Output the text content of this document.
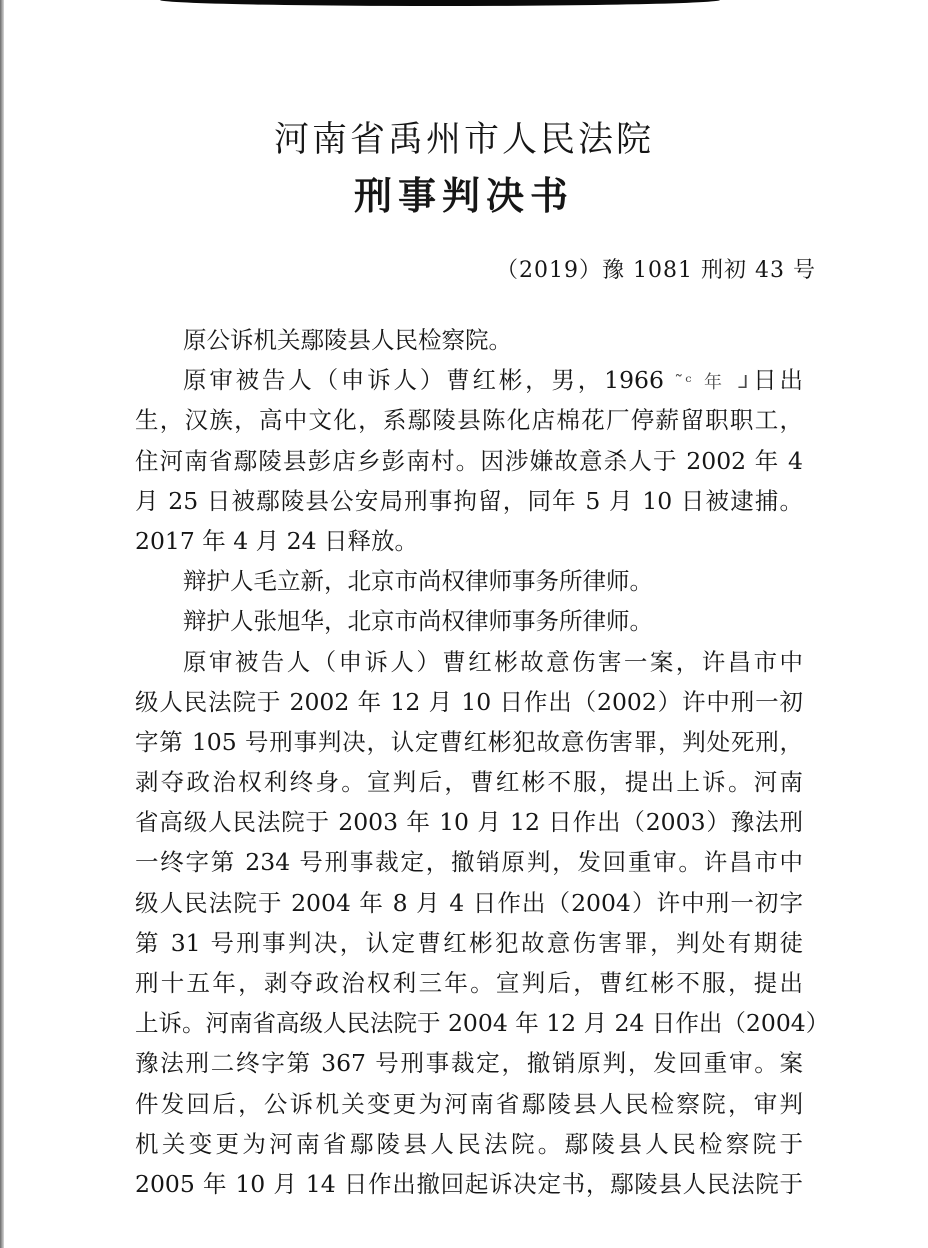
河南省禹州市人民法院
刑事判决书
（2019）豫 1081 刑初 43 号
原公诉机关鄢陵县人民检察院。
原审被告人（申诉人）曹红彬，男，1966 ˜ᶜ 年 ᒧ日出
生，汉族，高中文化，系鄢陵县陈化店棉花厂停薪留职职工，
住河南省鄢陵县彭店乡彭南村。因涉嫌故意杀人于 2002 年 4
月 25 日被鄢陵县公安局刑事拘留，同年 5 月 10 日被逮捕。
2017 年 4 月 24 日释放。
辩护人毛立新，北京市尚权律师事务所律师。
辩护人张旭华，北京市尚权律师事务所律师。
原审被告人（申诉人）曹红彬故意伤害一案，许昌市中
级人民法院于 2002 年 12 月 10 日作出（2002）许中刑一初
字第 105 号刑事判决，认定曹红彬犯故意伤害罪，判处死刑，
剥夺政治权利终身。宣判后，曹红彬不服，提出上诉。河南
省高级人民法院于 2003 年 10 月 12 日作出（2003）豫法刑
一终字第 234 号刑事裁定，撤销原判，发回重审。许昌市中
级人民法院于 2004 年 8 月 4 日作出（2004）许中刑一初字
第 31 号刑事判决，认定曹红彬犯故意伤害罪，判处有期徒
刑十五年，剥夺政治权利三年。宣判后，曹红彬不服，提出
上诉。河南省高级人民法院于 2004 年 12 月 24 日作出（2004）
豫法刑二终字第 367 号刑事裁定，撤销原判，发回重审。案
件发回后，公诉机关变更为河南省鄢陵县人民检察院，审判
机关变更为河南省鄢陵县人民法院。鄢陵县人民检察院于
2005 年 10 月 14 日作出撤回起诉决定书，鄢陵县人民法院于
